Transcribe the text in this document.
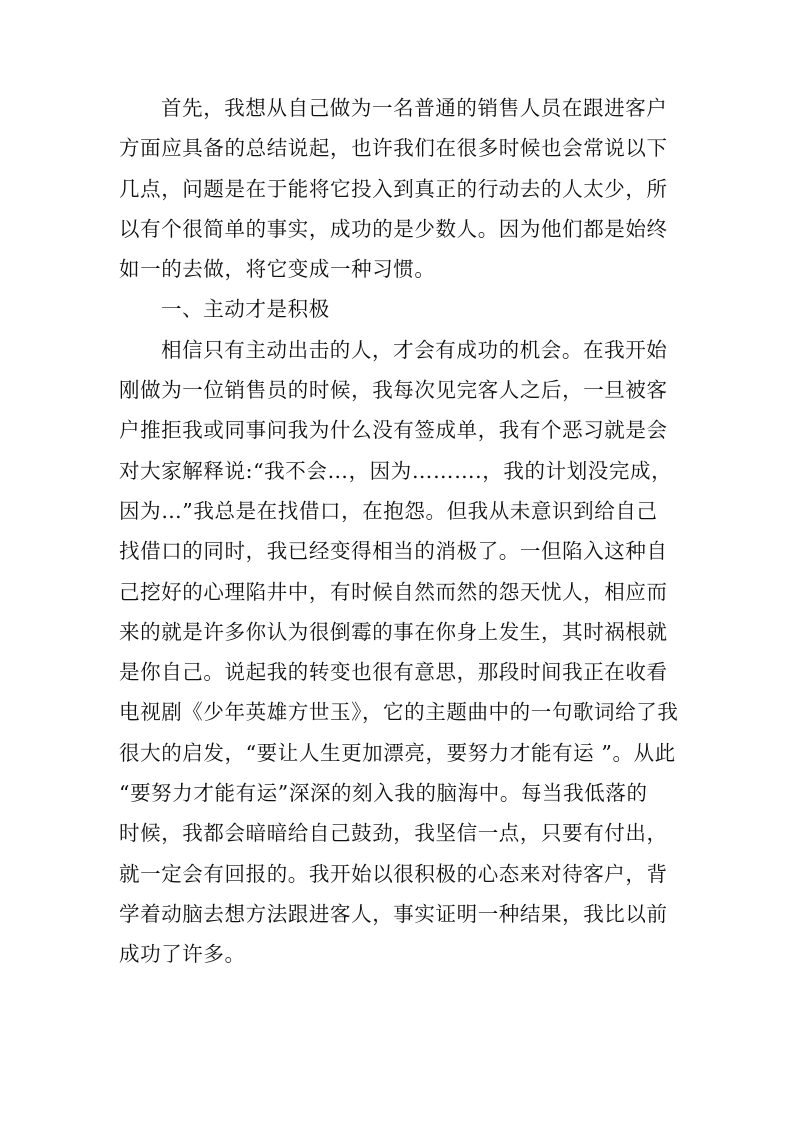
首先，我想从自己做为一名普通的销售人员在跟进客户
方面应具备的总结说起，也许我们在很多时候也会常说以下
几点，问题是在于能将它投入到真正的行动去的人太少，所
以有个很简单的事实，成功的是少数人。因为他们都是始终
如一的去做，将它变成一种习惯。
一、主动才是积极
相信只有主动出击的人，才会有成功的机会。在我开始
刚做为一位销售员的时候，我每次见完客人之后，一旦被客
户推拒我或同事问我为什么没有签成单，我有个恶习就是会
对大家解释说:“我不会…，因为……….，我的计划没完成，
因为…”我总是在找借口，在抱怨。但我从未意识到给自己
找借口的同时，我已经变得相当的消极了。一但陷入这种自
己挖好的心理陷井中，有时候自然而然的怨天忧人，相应而
来的就是许多你认为很倒霉的事在你身上发生，其时祸根就
是你自己。说起我的转变也很有意思，那段时间我正在收看
电视剧《少年英雄方世玉》，它的主题曲中的一句歌词给了我
很大的启发，“要让人生更加漂亮，要努力才能有运 ”。从此
“要努力才能有运”深深的刻入我的脑海中。每当我低落的
时候，我都会暗暗给自己鼓劲，我坚信一点，只要有付出，
就一定会有回报的。我开始以很积极的心态来对待客户，背
学着动脑去想方法跟进客人，事实证明一种结果，我比以前
成功了许多。
